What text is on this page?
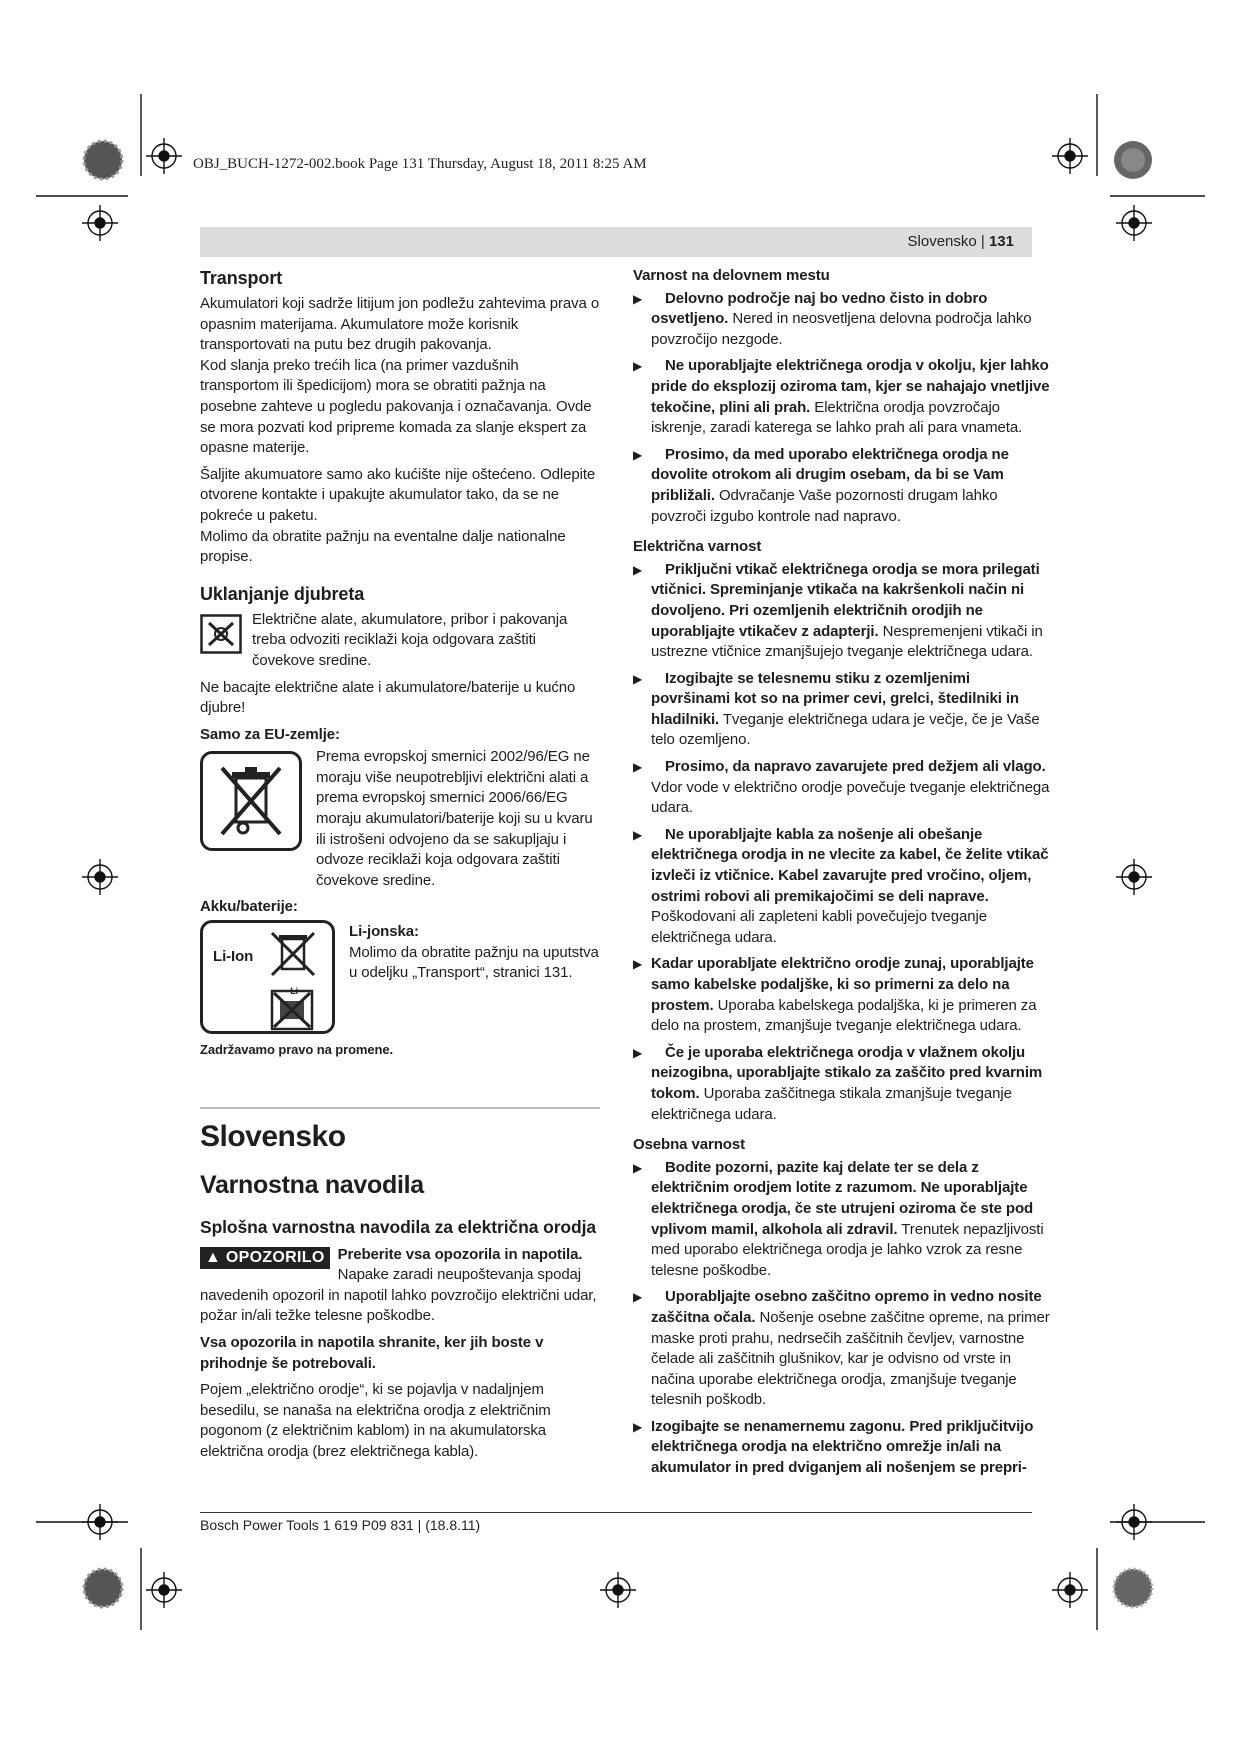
OBJ_BUCH-1272-002.book Page 131 Thursday, August 18, 2011 8:25 AM
Slovensko | 131
Transport

Akumulatori koji sadrže litijum jon podležu zahtevima prava o opasnim materijama. Akumulatore može korisnik transportovati na putu bez drugih pakovanja.

Kod slanja preko trećih lica (na primer vazdušnih transportom ili špedicijom) mora se obratiti pažnja na posebne zahteve u pogledu pakovanja i označavanja. Ovde se mora pozvati kod pripreme komada za slanje ekspert za opasne materije.

Šaljite akumuatore samo ako kućište nije oštećeno. Odlepite otvorene kontakte i upakujte akumulator tako, da se ne pokreće u paketu.

Molimo da obratite pažnju na eventalne dalje nationalne propise.

Uklanjanje djubreta
Električne alate, akumulatore, pribor i pakovanja treba odvoziti reciklaži koja odgovara zaštiti čovekove sredine.

Ne bacajte električne alate i akumulatore/baterije u kućno djubre!

Samo za EU-zemlje:
Prema evropskoj smernici 2002/96/EG ne moraju više neupotrebljivi električni alati a prema evropskoj smernici 2006/66/EG moraju akumulatori/baterije koji su u kvaru ili istrošeni odvojeno da se sakupljaju i odvoze reciklaži koja odgovara zaštiti čovekove sredine.
Akku/baterije:
Li-Ion
Li
Li-jonska:
Molimo da obratite pažnju na uputstva u odeljku „Transport“, stranici 131.

Zadržavamo pravo na promene.

Slovensko
Varnostna navodila
Splošna varnostna navodila za električna orodja

▲ OPOZORILO Preberite vsa opozorila in napotila. Napake zaradi neupoštevanja spodaj navedenih opozoril in napotil lahko povzročijo električni udar, požar in/ali težke telesne poškodbe.

Vsa opozorila in napotila shranite, ker jih boste v prihodnje še potrebovali.

Pojem „električno orodje“, ki se pojavlja v nadaljnjem besedilu, se nanaša na električna orodja z električnim pogonom (z električnim kablom) in na akumulatorska električna orodja (brez električnega kabla).

Varnost na delovnem mestu

▶ Delovno področje naj bo vedno čisto in dobro osvetljeno. Nered in neosvetljena delovna področja lahko povzročijo nezgode.

▶ Ne uporabljajte električnega orodja v okolju, kjer lahko pride do eksplozij oziroma tam, kjer se nahajajo vnetljive tekočine, plini ali prah. Električna orodja povzročajo iskrenje, zaradi katerega se lahko prah ali para vnameta.

▶ Prosimo, da med uporabo električnega orodja ne dovolite otrokom ali drugim osebam, da bi se Vam približali. Odvračanje Vaše pozornosti drugam lahko povzroči izgubo kontrole nad napravo.

Električna varnost

▶ Priključni vtikač električnega orodja se mora prilegati vtičnici. Spreminjanje vtikača na kakršenkoli način ni dovoljeno. Pri ozemljenih električnih orodjih ne uporabljajte vtikačev z adapterji. Nespremenjeni vtikači in ustrezne vtičnice zmanjšujejo tveganje električnega udara.

▶ Izogibajte se telesnemu stiku z ozemljenimi površinami kot so na primer cevi, grelci, štedilniki in hladilniki. Tveganje električnega udara je večje, če je Vaše telo ozemljeno.

▶ Prosimo, da napravo zavarujete pred dežjem ali vlago. Vdor vode v električno orodje povečuje tveganje električnega udara.

▶ Ne uporabljajte kabla za nošenje ali obešanje električnega orodja in ne vlecite za kabel, če želite vtikač izvleči iz vtičnice. Kabel zavarujte pred vročino, oljem, ostrimi robovi ali premikajočimi se deli naprave. Poškodovani ali zapleteni kabli povečujejo tveganje električnega udara.

▶ Kadar uporabljate električno orodje zunaj, uporabljajte samo kabelske podaljške, ki so primerni za delo na prostem. Uporaba kabelskega podaljška, ki je primeren za delo na prostem, zmanjšuje tveganje električnega udara.

▶ Če je uporaba električnega orodja v vlažnem okolju neizogibna, uporabljajte stikalo za zaščito pred kvarnim tokom. Uporaba zaščitnega stikala zmanjšuje tveganje električnega udara.

Osebna varnost

▶ Bodite pozorni, pazite kaj delate ter se dela z električnim orodjem lotite z razumom. Ne uporabljajte električnega orodja, če ste utrujeni oziroma če ste pod vplivom mamil, alkohola ali zdravil. Trenutek nepazljivosti med uporabo električnega orodja je lahko vzrok za resne telesne poškodbe.

▶ Uporabljajte osebno zaščitno opremo in vedno nosite zaščitna očala. Nošenje osebne zaščitne opreme, na primer maske proti prahu, nedrsečih zaščitnih čevljev, varnostne čelade ali zaščitnih glušnikov, kar je odvisno od vrste in načina uporabe električnega orodja, zmanjšuje tveganje telesnih poškodb.

▶ Izogibajte se nenamernemu zagonu. Pred priključitvijo električnega orodja na električno omrežje in/ali na akumulator in pred dviganjem ali nošenjem se prepri-

Bosch Power Tools 1 619 P09 831 | (18.8.11)
